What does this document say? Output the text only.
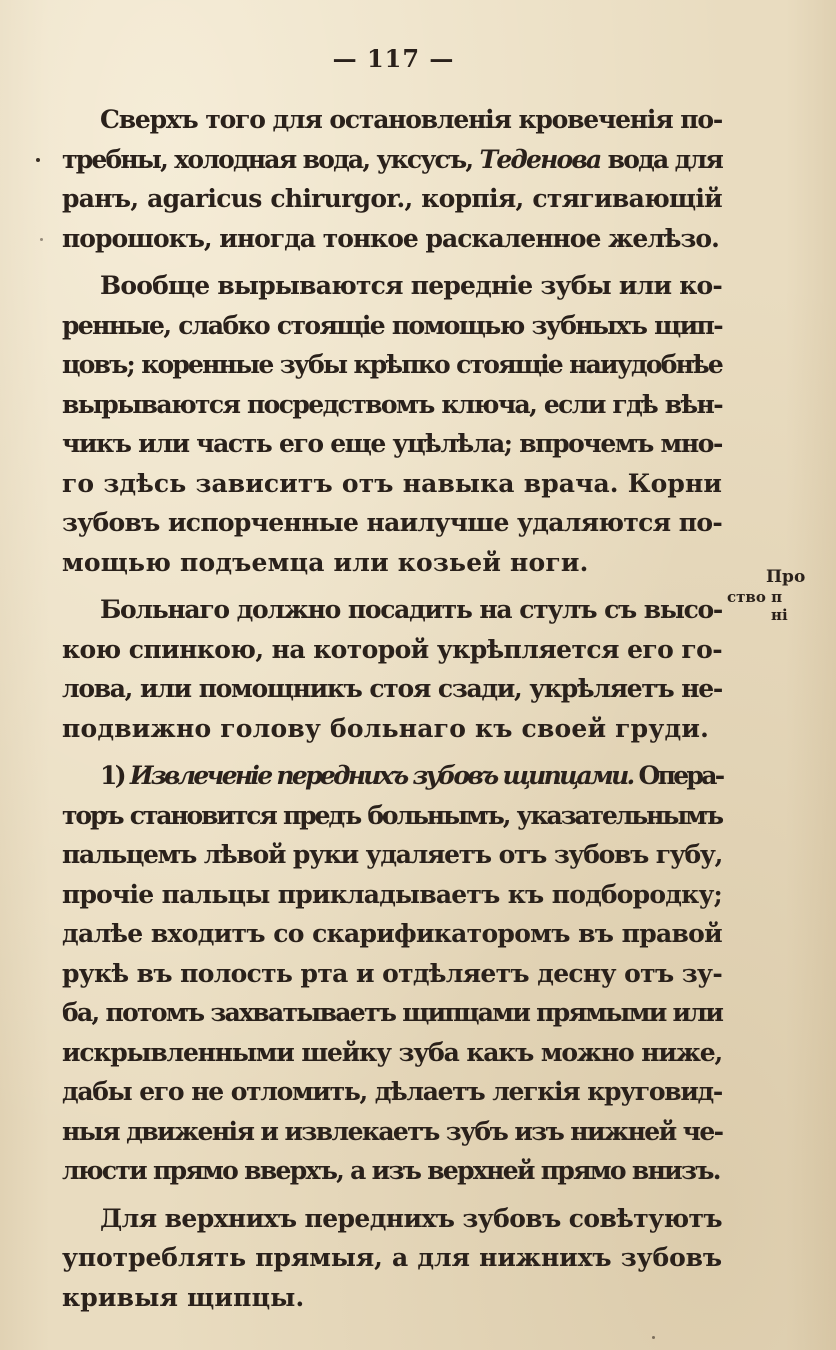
— 117 —
Сверхъ того для остановленія кровеченія по-
требны, холодная вода, уксусъ, Теденова вода для
ранъ, agaricus chirurgor., корпія, стягивающій
порошокъ, иногда тонкое раскаленное желѣзо.
Вообще вырываются передніе зубы или ко-
ренные, слабко стоящіе помощью зубныхъ щип-
цовъ; коренные зубы крѣпко стоящіе наиудобнѣе
вырываются посредствомъ ключа, если гдѣ вѣн-
чикъ или часть его еще уцѣлѣла; впрочемъ мно-
го здѣсь зависитъ отъ навыка врача. Корни
зубовъ испорченные наилучше удаляются по-
мощью подъемца или козьей ноги.
Больнаго должно посадить на стулъ съ высо-
кою спинкою, на которой укрѣпляется его го-
лова, или помощникъ стоя сзади, укрѣляетъ не-
подвижно голову больнаго къ своей груди.
1) Извлеченіе переднихъ зубовъ щипцами. Опера-
торъ становится предъ больнымъ, указательнымъ
пальцемъ лѣвой руки удаляетъ отъ зубовъ губу,
прочіе пальцы прикладываетъ къ подбородку;
далѣе входитъ со скарификаторомъ въ правой
рукѣ въ полость рта и отдѣляетъ десну отъ зу-
ба, потомъ захватываетъ щипцами прямыми или
искрывленными шейку зуба какъ можно ниже,
дабы его не отломить, дѣлаетъ легкія круговид-
ныя движенія и извлекаетъ зубъ изъ нижней че-
люсти прямо вверхъ, а изъ верхней прямо внизъ.
Для верхнихъ переднихъ зубовъ совѣтуютъ
употреблять прямыя, а для нижнихъ зубовъ
кривыя щипцы.
Про
ство п
ні
